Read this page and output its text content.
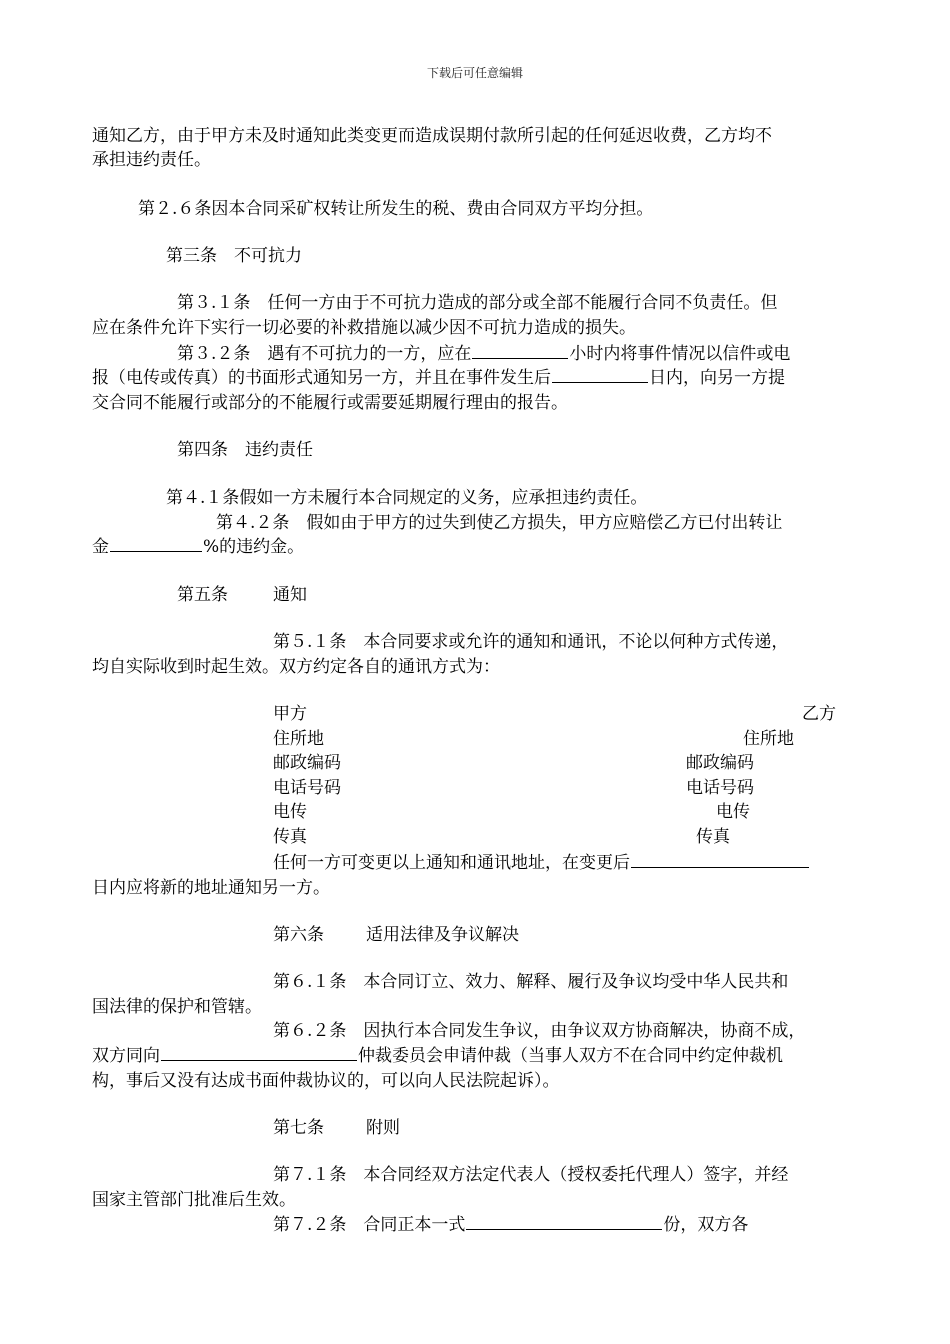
下载后可任意编辑
通知乙方，由于甲方未及时通知此类变更而造成误期付款所引起的任何延迟收费，乙方均不
承担违约责任。
第２.６条因本合同采矿权转让所发生的税、费由合同双方平均分担。
第三条　不可抗力
第３.１条　任何一方由于不可抗力造成的部分或全部不能履行合同不负责任。但
应在条件允许下实行一切必要的补救措施以减少因不可抗力造成的损失。
第３.２条　遇有不可抗力的一方，应在	小时内将事件情况以信件或电
报（电传或传真）的书面形式通知另一方，并且在事件发生后	日内，向另一方提
交合同不能履行或部分的不能履行或需要延期履行理由的报告。
第四条　违约责任
第４.１条假如一方未履行本合同规定的义务，应承担违约责任。
第４.２条　假如由于甲方的过失到使乙方损失，甲方应赔偿乙方已付出转让
金	%的违约金。
第五条	通知
第５.１条　本合同要求或允许的通知和通讯，不论以何种方式传递，
均自实际收到时起生效。双方约定各自的通讯方式为：
甲方	乙方
住所地	住所地
邮政编码	邮政编码
电话号码	电话号码
电传	电传
传真	传真
任何一方可变更以上通知和通讯地址，在变更后
日内应将新的地址通知另一方。
第六条 适用法律及争议解决
第６.１条　本合同订立、效力、解释、履行及争议均受中华人民共和
国法律的保护和管辖。
第６.２条　因执行本合同发生争议，由争议双方协商解决，协商不成，
双方同向	仲裁委员会申请仲裁（当事人双方不在合同中约定仲裁机
构，事后又没有达成书面仲裁协议的，可以向人民法院起诉）。
第七条 附则
第７.１条　本合同经双方法定代表人（授权委托代理人）签字，并经
国家主管部门批准后生效。
第７.２条　合同正本一式	份，双方各
